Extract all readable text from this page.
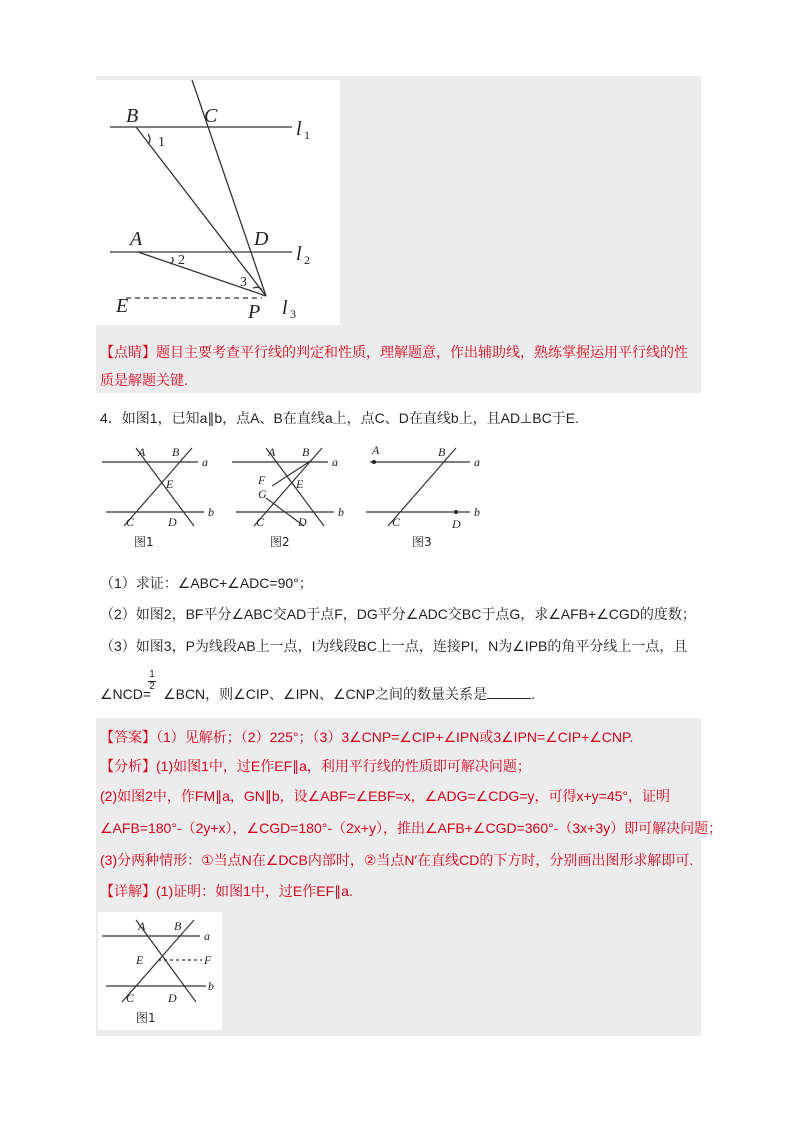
B	C
l
A	D
l
E	P l
1
2
3
1
2
3
【点睛】题目主要考查平行线的判定和性质，理解题意，作出辅助线，熟练掌握运用平行线的性
质是解题关键.
4．如图1，已知a∥b，点A、B在直线a上，点C、D在直线b上，且AD⊥BC于E.
A B
a
E
C	D
b
图1
A B
a
F
G
E
C	D
b
图2
A	B
a
C	D
b
图3
（1）求证：∠ABC+∠ADC=90°；
（2）如图2，BF平分∠ABC交AD于点F，DG平分∠ADC交BC于点G，求∠AFB+∠CGD的度数；
（3）如图3，P为线段AB上一点，I为线段BC上一点，连接PI，N为∠IPB的角平分线上一点，且
1
2
∠NCD= ∠BCN，则∠CIP、∠IPN、∠CNP之间的数量关系是	.
【答案】（1）见解析；（2）225°；（3）3∠CNP=∠CIP+∠IPN或3∠IPN=∠CIP+∠CNP.
【分析】(1)如图1中，过E作EF∥a，利用平行线的性质即可解决问题；
(2)如图2中，作FM∥a，GN∥b，设∠ABF=∠EBF=x，∠ADG=∠CDG=y，可得x+y=45°，证明
∠AFB=180°-（2y+x），∠CGD=180°-（2x+y），推出∠AFB+∠CGD=360°-（3x+3y）即可解决问题；
(3)分两种情形：①当点N在∠DCB内部时，②当点N′在直线CD的下方时，分别画出图形求解即可.
【详解】(1)证明：如图1中，过E作EF∥a.
A B
a
E	F
C	D
b
图1
